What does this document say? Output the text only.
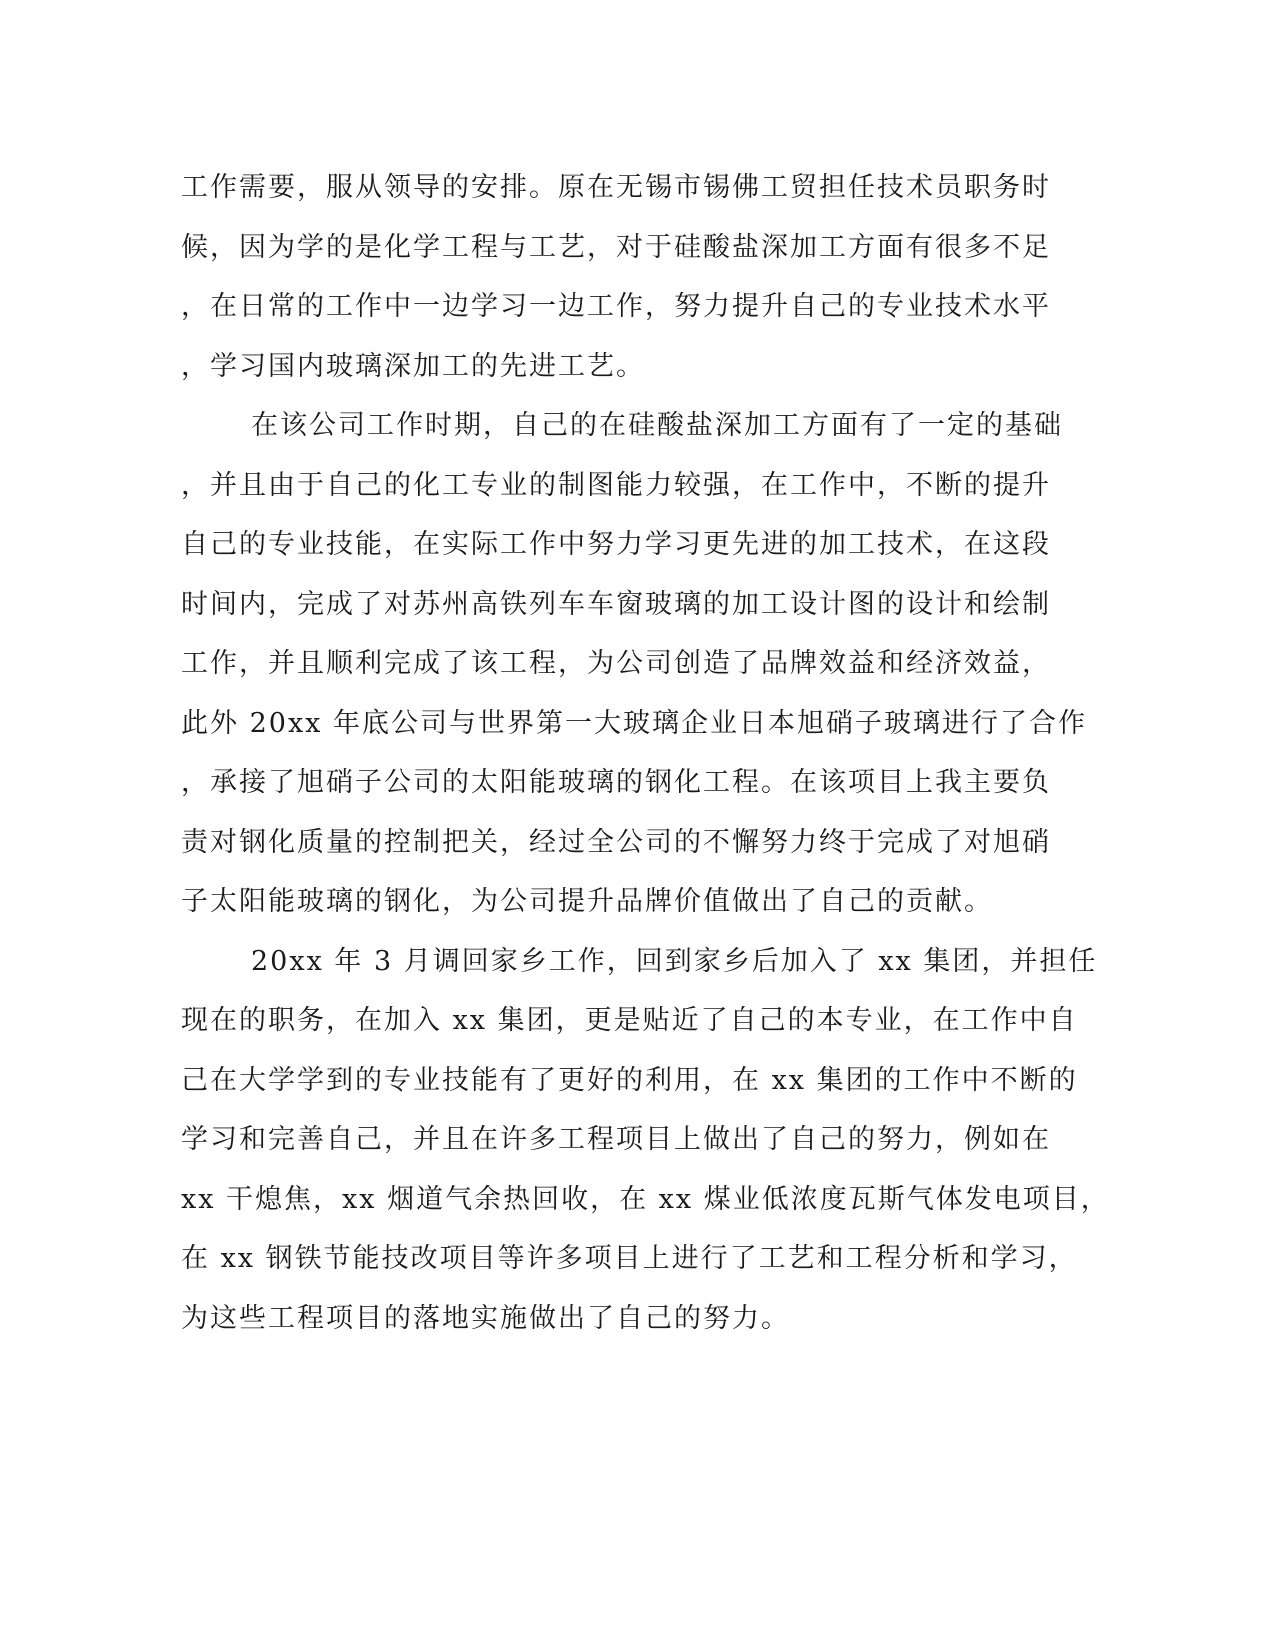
工作需要，服从领导的安排。原在无锡市锡佛工贸担任技术员职务时
候，因为学的是化学工程与工艺，对于硅酸盐深加工方面有很多不足
，在日常的工作中一边学习一边工作，努力提升自己的专业技术水平
，学习国内玻璃深加工的先进工艺。
在该公司工作时期，自己的在硅酸盐深加工方面有了一定的基础
，并且由于自己的化工专业的制图能力较强，在工作中，不断的提升
自己的专业技能，在实际工作中努力学习更先进的加工技术，在这段
时间内，完成了对苏州高铁列车车窗玻璃的加工设计图的设计和绘制
工作，并且顺利完成了该工程，为公司创造了品牌效益和经济效益，
此外 20xx 年底公司与世界第一大玻璃企业日本旭硝子玻璃进行了合作
，承接了旭硝子公司的太阳能玻璃的钢化工程。在该项目上我主要负
责对钢化质量的控制把关，经过全公司的不懈努力终于完成了对旭硝
子太阳能玻璃的钢化，为公司提升品牌价值做出了自己的贡献。
20xx 年 3 月调回家乡工作，回到家乡后加入了 xx 集团，并担任
现在的职务，在加入 xx 集团，更是贴近了自己的本专业，在工作中自
己在大学学到的专业技能有了更好的利用，在 xx 集团的工作中不断的
学习和完善自己，并且在许多工程项目上做出了自己的努力，例如在
xx 干熄焦，xx 烟道气余热回收，在 xx 煤业低浓度瓦斯气体发电项目，
在 xx 钢铁节能技改项目等许多项目上进行了工艺和工程分析和学习，
为这些工程项目的落地实施做出了自己的努力。
